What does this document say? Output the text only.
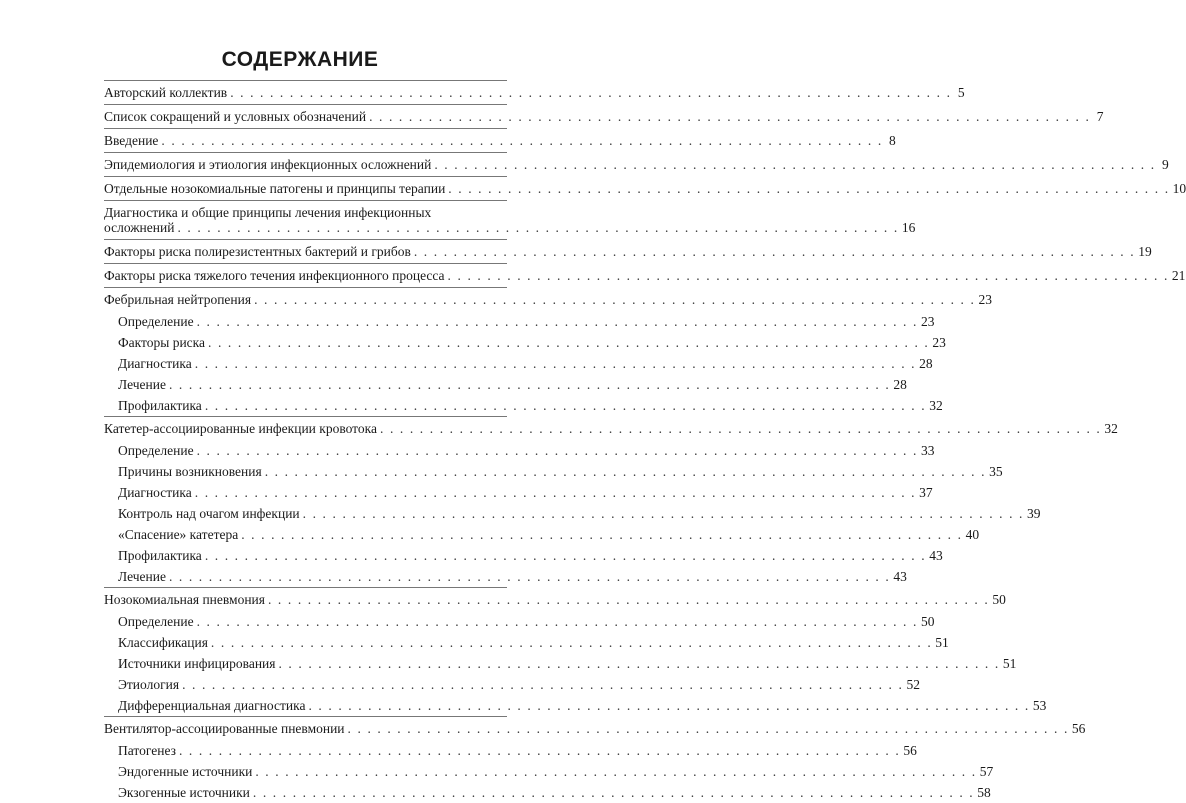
СОДЕРЖАНИЕ
Авторский коллектив . . . . . . . . . . . . . . . . . . . . . . . . . . . . . . . . . . . . . . . . . . . . . . . . . . . . . . . . . . . . . . . . . . . . . . . . . 5
Список сокращений и условных обозначений . . . . . . . . . . . . . . . . . . . . . . . . . . . . . . . . . . . . . . . . . . . . . . . . . . . . . . . . . . . . . . . . . . . . . . . . . 7
Введение . . . . . . . . . . . . . . . . . . . . . . . . . . . . . . . . . . . . . . . . . . . . . . . . . . . . . . . . . . . . . . . . . . . . . . . . . 8
Эпидемиология и этиология инфекционных осложнений . . . . . . . . . . . . . . . . . . . . . . . . . . . . . . . . . . . . . . . . . . . . . . . . . . . . . . . . . . . . . . . . . . . . . . . . . 9
Отдельные нозокомиальные патогены и принципы терапии . . . . . . . . . . . . . . . . . . . . . . . . . . . . . . . . . . . . . . . . . . . . . . . . . . . . . . . . . . . . . . . . . . . . . . . . . 10
Диагностика и общие принципы лечения инфекционных
осложнений . . . . . . . . . . . . . . . . . . . . . . . . . . . . . . . . . . . . . . . . . . . . . . . . . . . . . . . . . . . . . . . . . . . . . . . . . 16
Факторы риска полирезистентных бактерий и грибов . . . . . . . . . . . . . . . . . . . . . . . . . . . . . . . . . . . . . . . . . . . . . . . . . . . . . . . . . . . . . . . . . . . . . . . . . 19
Факторы риска тяжелого течения инфекционного процесса . . . . . . . . . . . . . . . . . . . . . . . . . . . . . . . . . . . . . . . . . . . . . . . . . . . . . . . . . . . . . . . . . . . . . . . . . 21
Фебрильная нейтропения . . . . . . . . . . . . . . . . . . . . . . . . . . . . . . . . . . . . . . . . . . . . . . . . . . . . . . . . . . . . . . . . . . . . . . . . . 23
Определение . . . . . . . . . . . . . . . . . . . . . . . . . . . . . . . . . . . . . . . . . . . . . . . . . . . . . . . . . . . . . . . . . . . . . . . . . 23
Факторы риска . . . . . . . . . . . . . . . . . . . . . . . . . . . . . . . . . . . . . . . . . . . . . . . . . . . . . . . . . . . . . . . . . . . . . . . . . 23
Диагностика . . . . . . . . . . . . . . . . . . . . . . . . . . . . . . . . . . . . . . . . . . . . . . . . . . . . . . . . . . . . . . . . . . . . . . . . . 28
Лечение . . . . . . . . . . . . . . . . . . . . . . . . . . . . . . . . . . . . . . . . . . . . . . . . . . . . . . . . . . . . . . . . . . . . . . . . . 28
Профилактика . . . . . . . . . . . . . . . . . . . . . . . . . . . . . . . . . . . . . . . . . . . . . . . . . . . . . . . . . . . . . . . . . . . . . . . . . 32
Катетер-ассоциированные инфекции кровотока . . . . . . . . . . . . . . . . . . . . . . . . . . . . . . . . . . . . . . . . . . . . . . . . . . . . . . . . . . . . . . . . . . . . . . . . . 32
Определение . . . . . . . . . . . . . . . . . . . . . . . . . . . . . . . . . . . . . . . . . . . . . . . . . . . . . . . . . . . . . . . . . . . . . . . . . 33
Причины возникновения . . . . . . . . . . . . . . . . . . . . . . . . . . . . . . . . . . . . . . . . . . . . . . . . . . . . . . . . . . . . . . . . . . . . . . . . . 35
Диагностика . . . . . . . . . . . . . . . . . . . . . . . . . . . . . . . . . . . . . . . . . . . . . . . . . . . . . . . . . . . . . . . . . . . . . . . . . 37
Контроль над очагом инфекции . . . . . . . . . . . . . . . . . . . . . . . . . . . . . . . . . . . . . . . . . . . . . . . . . . . . . . . . . . . . . . . . . . . . . . . . . 39
«Спасение» катетера . . . . . . . . . . . . . . . . . . . . . . . . . . . . . . . . . . . . . . . . . . . . . . . . . . . . . . . . . . . . . . . . . . . . . . . . . 40
Профилактика . . . . . . . . . . . . . . . . . . . . . . . . . . . . . . . . . . . . . . . . . . . . . . . . . . . . . . . . . . . . . . . . . . . . . . . . . 43
Лечение . . . . . . . . . . . . . . . . . . . . . . . . . . . . . . . . . . . . . . . . . . . . . . . . . . . . . . . . . . . . . . . . . . . . . . . . . 43
Нозокомиальная пневмония . . . . . . . . . . . . . . . . . . . . . . . . . . . . . . . . . . . . . . . . . . . . . . . . . . . . . . . . . . . . . . . . . . . . . . . . . 50
Определение . . . . . . . . . . . . . . . . . . . . . . . . . . . . . . . . . . . . . . . . . . . . . . . . . . . . . . . . . . . . . . . . . . . . . . . . . 50
Классификация . . . . . . . . . . . . . . . . . . . . . . . . . . . . . . . . . . . . . . . . . . . . . . . . . . . . . . . . . . . . . . . . . . . . . . . . . 51
Источники инфицирования . . . . . . . . . . . . . . . . . . . . . . . . . . . . . . . . . . . . . . . . . . . . . . . . . . . . . . . . . . . . . . . . . . . . . . . . . 51
Этиология . . . . . . . . . . . . . . . . . . . . . . . . . . . . . . . . . . . . . . . . . . . . . . . . . . . . . . . . . . . . . . . . . . . . . . . . . 52
Дифференциальная диагностика . . . . . . . . . . . . . . . . . . . . . . . . . . . . . . . . . . . . . . . . . . . . . . . . . . . . . . . . . . . . . . . . . . . . . . . . . 53
Вентилятор-ассоциированные пневмонии . . . . . . . . . . . . . . . . . . . . . . . . . . . . . . . . . . . . . . . . . . . . . . . . . . . . . . . . . . . . . . . . . . . . . . . . . 56
Патогенез . . . . . . . . . . . . . . . . . . . . . . . . . . . . . . . . . . . . . . . . . . . . . . . . . . . . . . . . . . . . . . . . . . . . . . . . . 56
Эндогенные источники . . . . . . . . . . . . . . . . . . . . . . . . . . . . . . . . . . . . . . . . . . . . . . . . . . . . . . . . . . . . . . . . . . . . . . . . . 57
Экзогенные источники . . . . . . . . . . . . . . . . . . . . . . . . . . . . . . . . . . . . . . . . . . . . . . . . . . . . . . . . . . . . . . . . . . . . . . . . . 58
